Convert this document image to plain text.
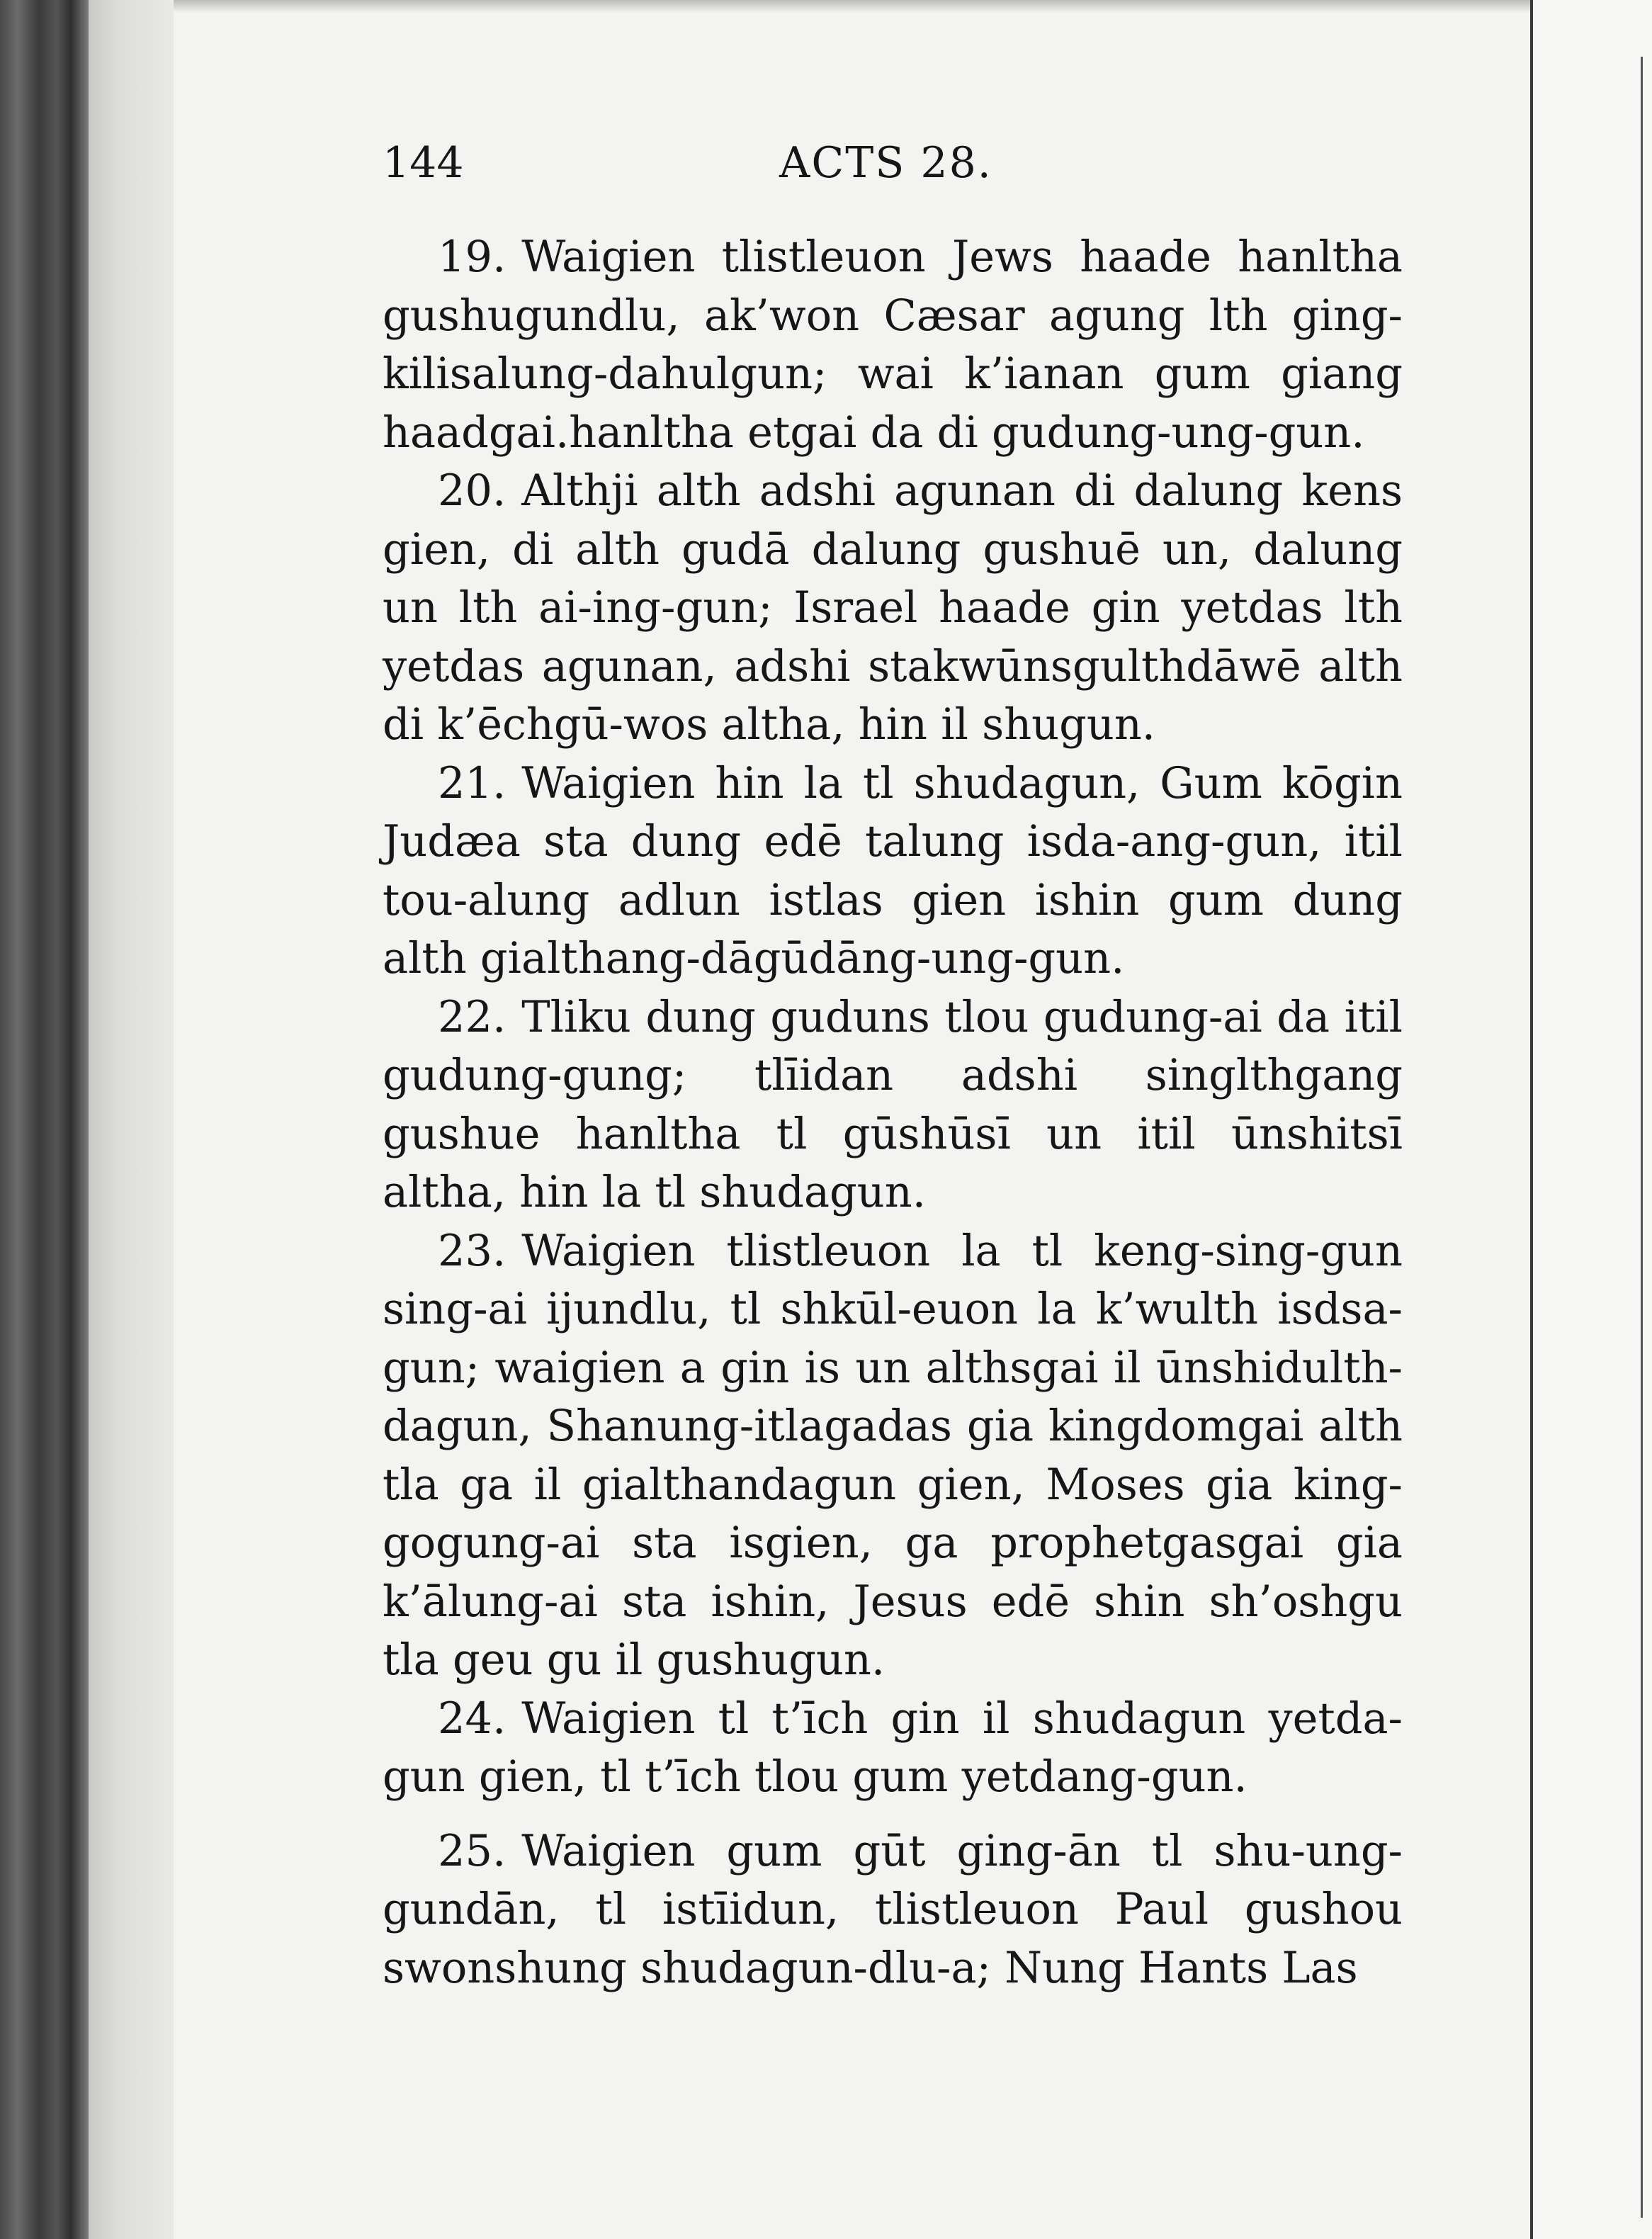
144	ACTS 28.

19. Waigien tlistleuon Jews haade hanltha gushugundlu, ak’won Cæsar agung lth ging-kilisalung-dahulgun; wai k’ianan gum giang haadgai.hanltha etgai da di gudung-ung-gun.

20. Althji alth adshi agunan di dalung kens gien, di alth gudā dalung gushuē un, dalung un lth ai-ing-gun; Israel haade gin yetdas lth yetdas agunan, adshi stakwūnsgulthdāwē alth di k’ēchgū-wos altha, hin il shugun.

21. Waigien hin la tl shudagun, Gum kōgin Judæa sta dung edē talung isda-ang-gun, itil tou-alung adlun istlas gien ishin gum dung alth gialthang-dāgūdāng-ung-gun.

22. Tliku dung guduns tlou gudung-ai da itil gudung-gung; tlīidan adshi singlthgang gushue hanltha tl gūshūsī un itil ūnshitsī altha, hin la tl shudagun.

23. Waigien tlistleuon la tl keng-sing-gun sing-ai ijundlu, tl shkūl-euon la k’wulth isdsa-gun; waigien a gin is un althsgai il ūnshidulth-dagun, Shanung-itlagadas gia kingdomgai alth tla ga il gialthandagun gien, Moses gia king-gogung-ai sta isgien, ga prophetgasgai gia k’ālung-ai sta ishin, Jesus edē shin sh’oshgu tla geu gu il gushugun.

24. Waigien tl t’īch gin il shudagun yetda-gun gien, tl t’īch tlou gum yetdang-gun.

25. Waigien gum gūt ging-ān tl shu-ung-gundān, tl istīidun, tlistleuon Paul gushou swonshung shudagun-dlu-a; Nung Hants Las
